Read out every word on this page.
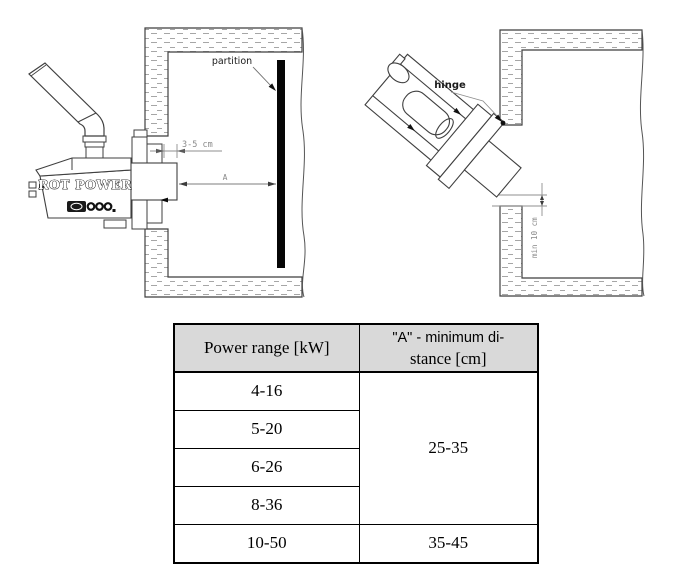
partition
ROT POWER
3-5 cm
A
hinge
min 10 cm
Power range [kW]	"A" - minimum di-
stance [cm]

4-16	25-35
5-20	
6-26	
8-36	
10-50	35-45
